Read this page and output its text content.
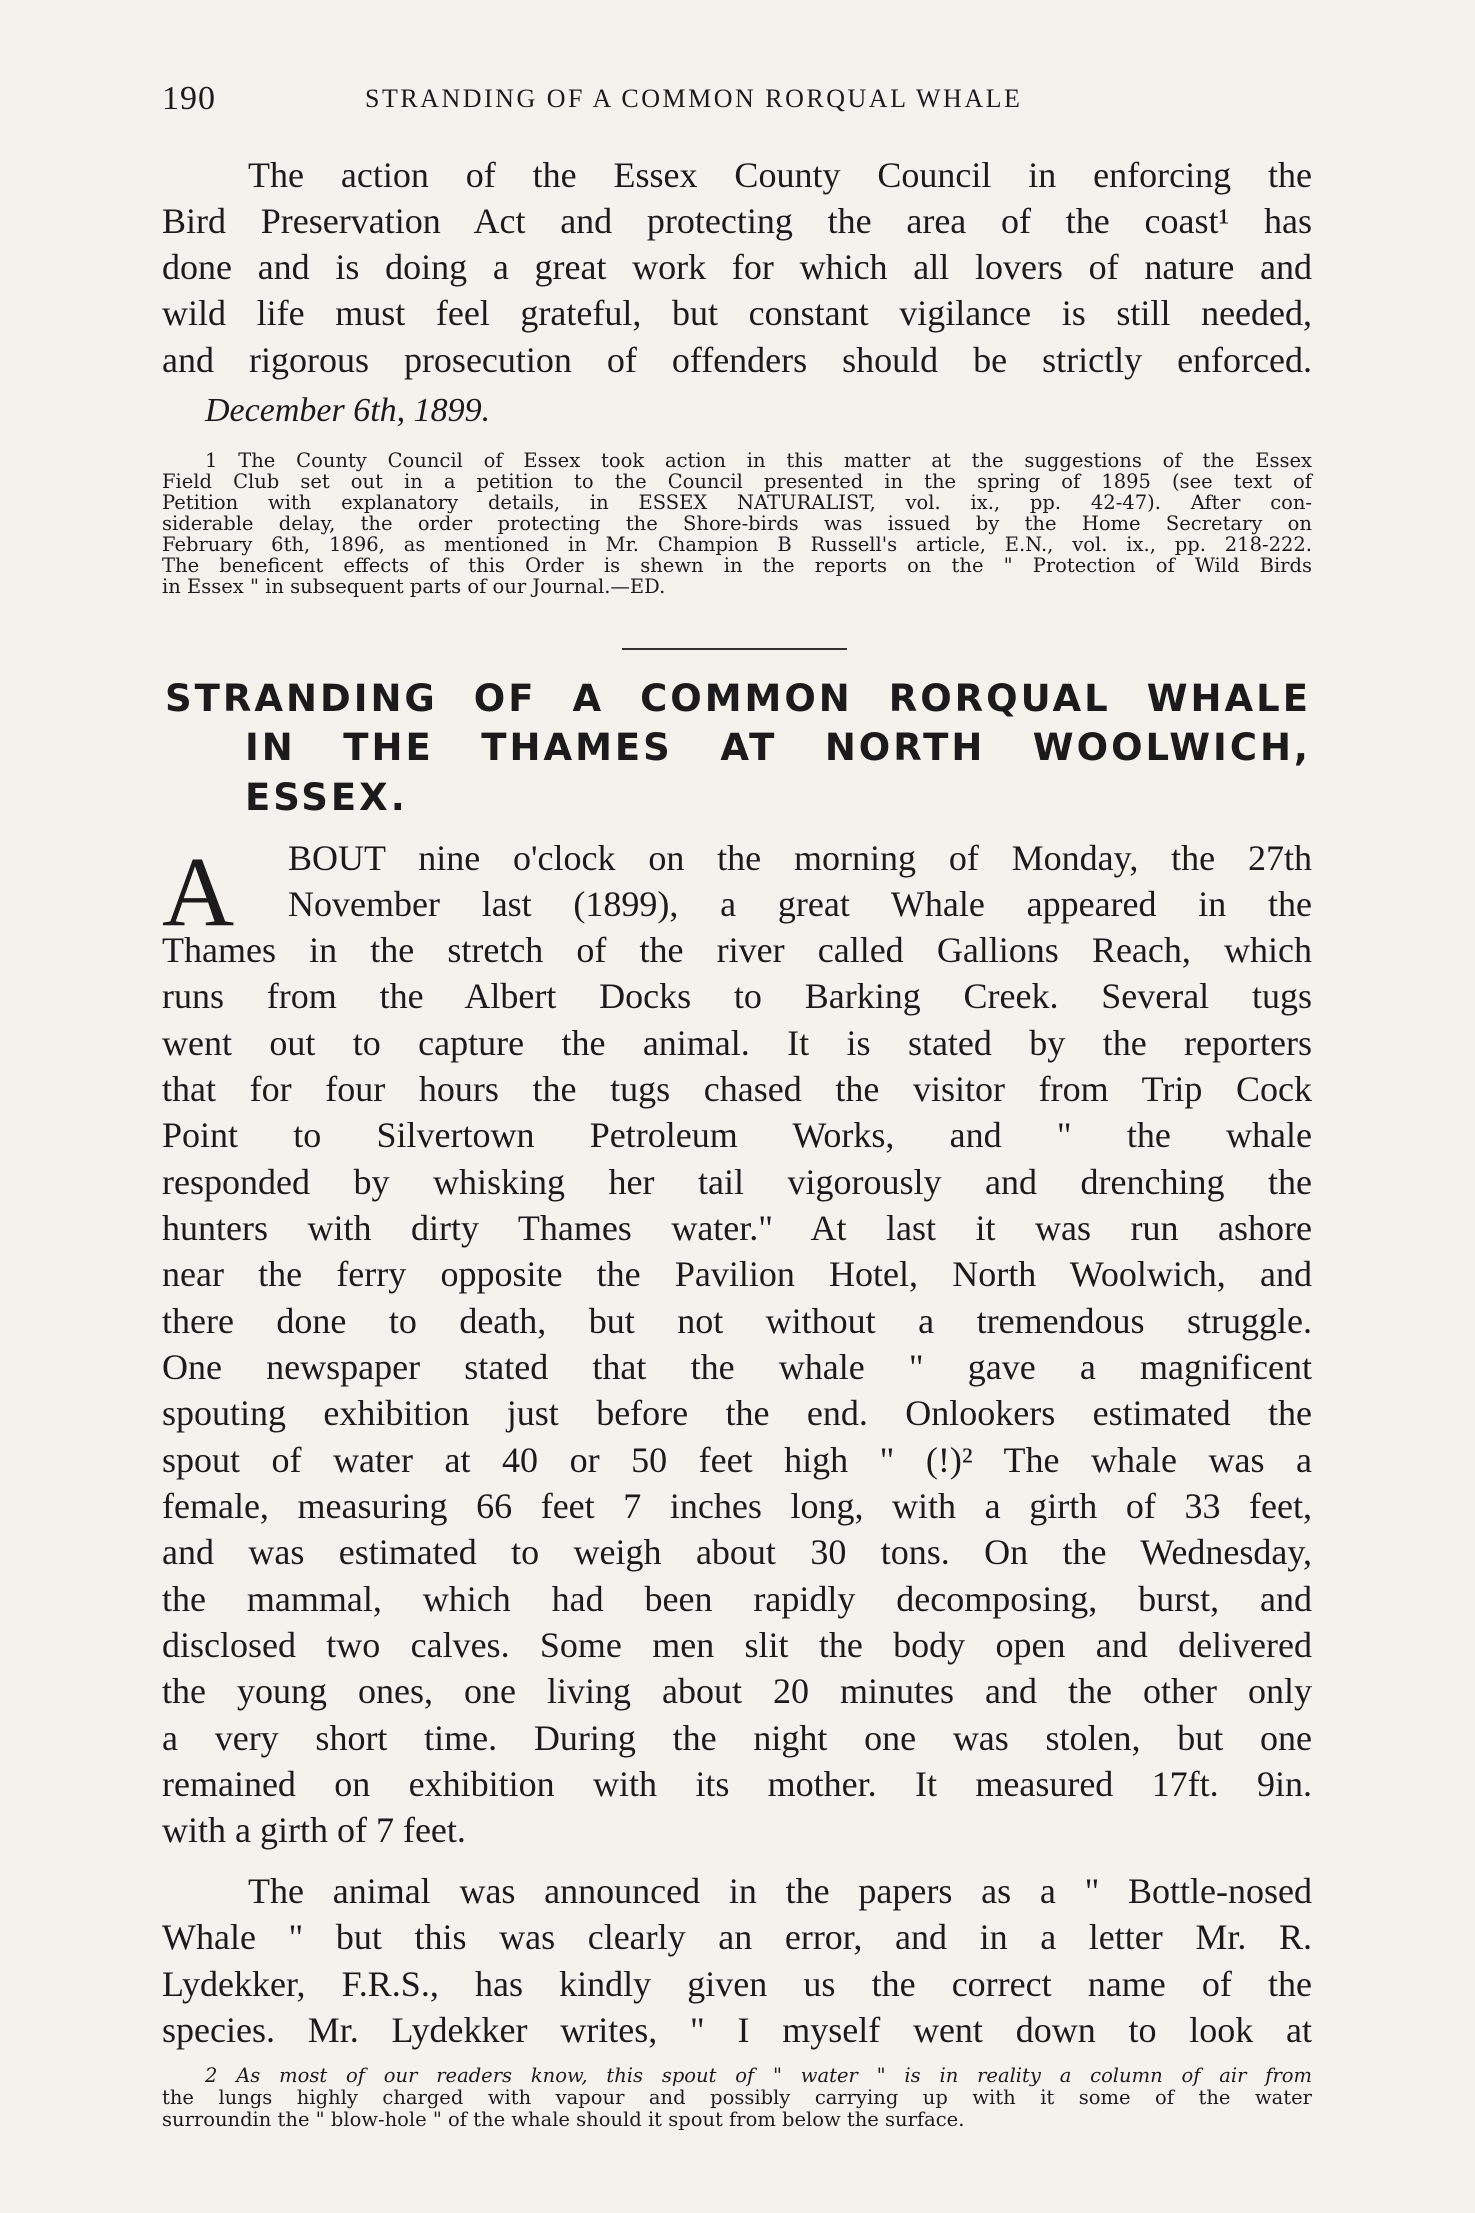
190	STRANDING OF A COMMON RORQUAL WHALE
The action of the Essex County Council in enforcing the
Bird Preservation Act and protecting the area of the coast¹ has
done and is doing a great work for which all lovers of nature and
wild life must feel grateful, but constant vigilance is still needed,
and rigorous prosecution of offenders should be strictly enforced.
December 6th, 1899.
1 The County Council of Essex took action in this matter at the suggestions of the Essex
Field Club set out in a petition to the Council presented in the spring of 1895 (see text of
Petition with explanatory details, in ESSEX NATURALIST, vol. ix., pp. 42-47). After con-
siderable delay, the order protecting the Shore-birds was issued by the Home Secretary on
February 6th, 1896, as mentioned in Mr. Champion B Russell's article, E.N., vol. ix., pp. 218-222.
The beneficent effects of this Order is shewn in the reports on the " Protection of Wild Birds
in Essex " in subsequent parts of our Journal.—ED.
STRANDING OF A COMMON RORQUAL WHALE
IN THE THAMES AT NORTH WOOLWICH,
ESSEX.
A BOUT nine o'clock on the morning of Monday, the 27th
November last (1899), a great Whale appeared in the
Thames in the stretch of the river called Gallions Reach, which
runs from the Albert Docks to Barking Creek. Several tugs
went out to capture the animal. It is stated by the reporters
that for four hours the tugs chased the visitor from Trip Cock
Point to Silvertown Petroleum Works, and " the whale
responded by whisking her tail vigorously and drenching the
hunters with dirty Thames water." At last it was run ashore
near the ferry opposite the Pavilion Hotel, North Woolwich, and
there done to death, but not without a tremendous struggle.
One newspaper stated that the whale " gave a magnificent
spouting exhibition just before the end. Onlookers estimated the
spout of water at 40 or 50 feet high " (!)² The whale was a
female, measuring 66 feet 7 inches long, with a girth of 33 feet,
and was estimated to weigh about 30 tons. On the Wednesday,
the mammal, which had been rapidly decomposing, burst, and
disclosed two calves. Some men slit the body open and delivered
the young ones, one living about 20 minutes and the other only
a very short time. During the night one was stolen, but one
remained on exhibition with its mother. It measured 17ft. 9in.
with a girth of 7 feet.
The animal was announced in the papers as a " Bottle-nosed
Whale " but this was clearly an error, and in a letter Mr. R.
Lydekker, F.R.S., has kindly given us the correct name of the
species. Mr. Lydekker writes, " I myself went down to look at
2 As most of our readers know, this spout of " water " is in reality a column of air from
the lungs highly charged with vapour and possibly carrying up with it some of the water
surroundin the " blow-hole " of the whale should it spout from below the surface.
